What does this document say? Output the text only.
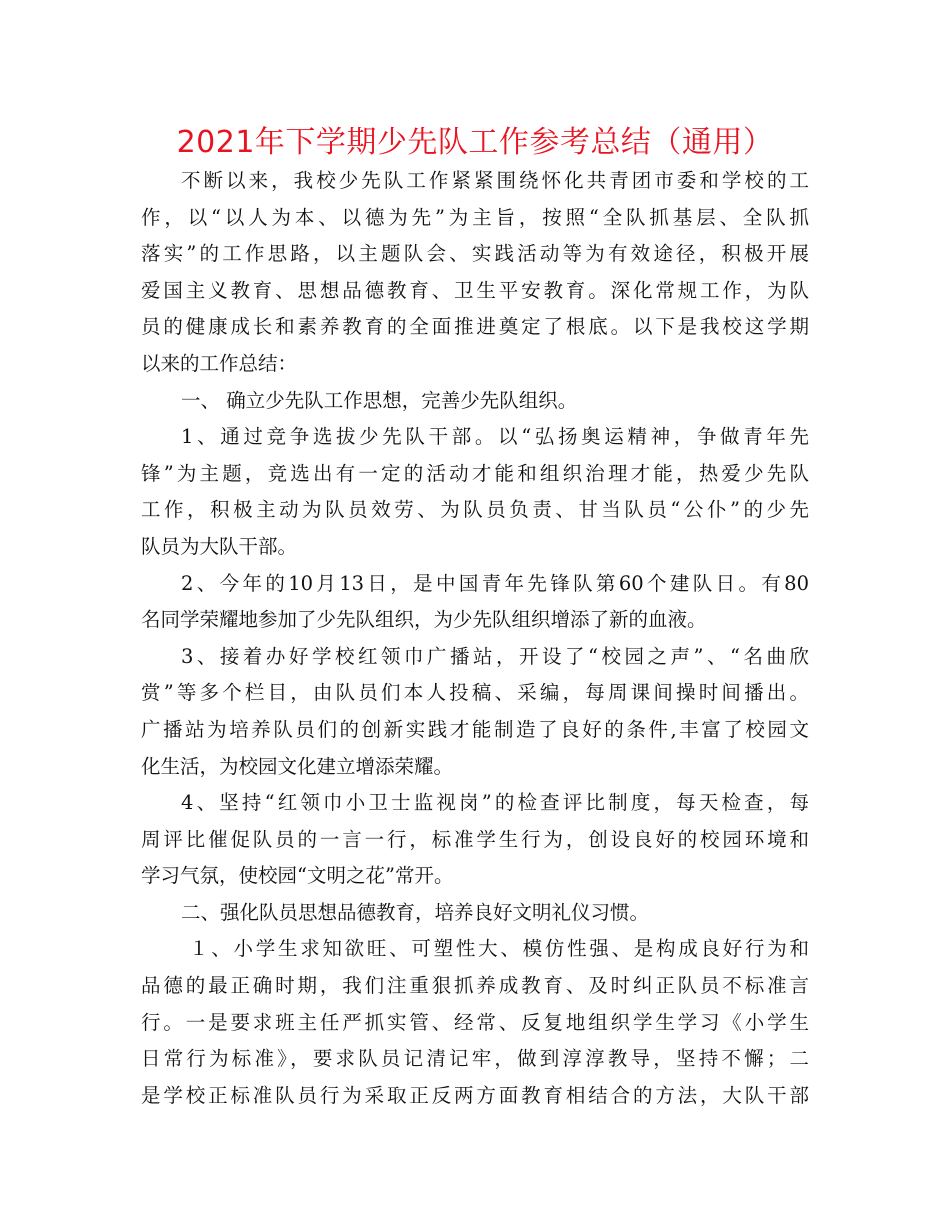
2021年下学期少先队工作参考总结（通用）
不断以来，我校少先队工作紧紧围绕怀化共青团市委和学校的工
作，以“以人为本、以德为先”为主旨，按照“全队抓基层、全队抓
落实”的工作思路，以主题队会、实践活动等为有效途径，积极开展
爱国主义教育、思想品德教育、卫生平安教育。深化常规工作，为队
员的健康成长和素养教育的全面推进奠定了根底。以下是我校这学期
以来的工作总结：
一、 确立少先队工作思想，完善少先队组织。
1、通过竞争选拔少先队干部。以“弘扬奥运精神，争做青年先
锋”为主题，竞选出有一定的活动才能和组织治理才能，热爱少先队
工作，积极主动为队员效劳、为队员负责、甘当队员“公仆”的少先
队员为大队干部。
2、今年的10月13日，是中国青年先锋队第60个建队日。有80
名同学荣耀地参加了少先队组织，为少先队组织增添了新的血液。
3、接着办好学校红领巾广播站，开设了“校园之声”、“名曲欣
赏”等多个栏目，由队员们本人投稿、采编，每周课间操时间播出。
广播站为培养队员们的创新实践才能制造了良好的条件,丰富了校园文
化生活，为校园文化建立增添荣耀。
4、坚持“红领巾小卫士监视岗”的检查评比制度，每天检查，每
周评比催促队员的一言一行，标准学生行为，创设良好的校园环境和
学习气氛，使校园“文明之花”常开。
二、强化队员思想品德教育，培养良好文明礼仪习惯。
１、小学生求知欲旺、可塑性大、模仿性强、是构成良好行为和
品德的最正确时期，我们注重狠抓养成教育、及时纠正队员不标准言
行。一是要求班主任严抓实管、经常、反复地组织学生学习《小学生
日常行为标准》，要求队员记清记牢，做到淳淳教导，坚持不懈；二
是学校正标准队员行为采取正反两方面教育相结合的方法，大队干部
